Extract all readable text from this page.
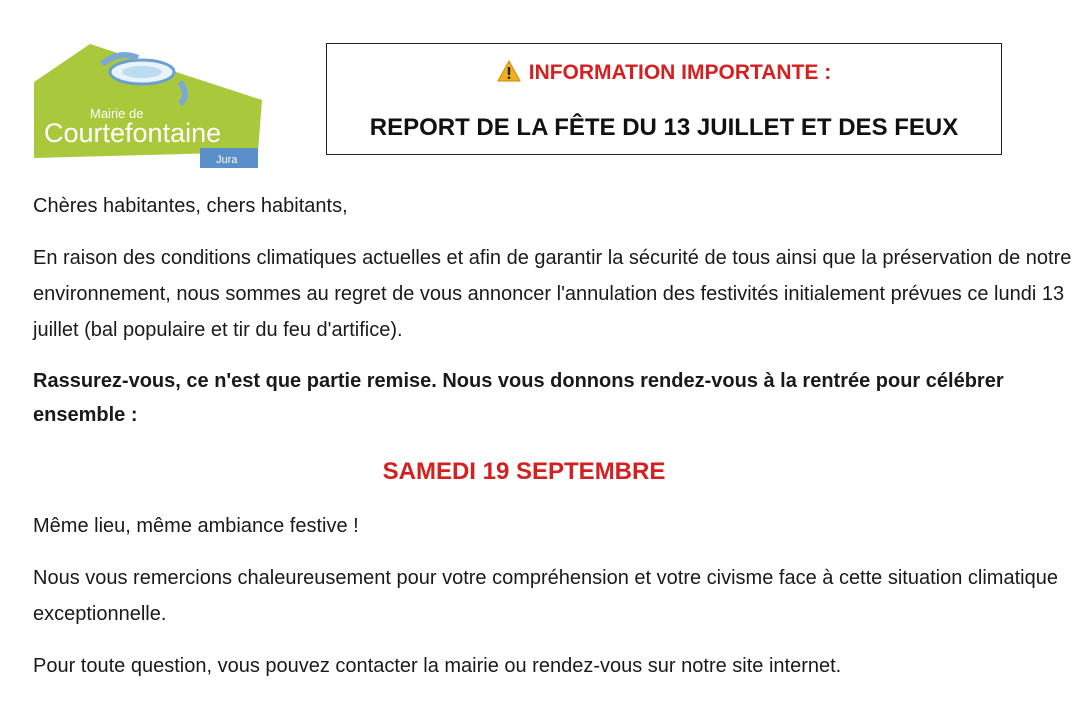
Mairie de
Courtefontaine
Jura
INFORMATION IMPORTANTE :
REPORT DE LA FÊTE DU 13 JUILLET ET DES FEUX

Chères habitantes, chers habitants,

En raison des conditions climatiques actuelles et afin de garantir la sécurité de tous ainsi que la préservation de notre environnement, nous sommes au regret de vous annoncer l'annulation des festivités initialement prévues ce lundi 13 juillet (bal populaire et tir du feu d'artifice).

Rassurez-vous, ce n'est que partie remise. Nous vous donnons rendez-vous à la rentrée pour célébrer ensemble :

SAMEDI 19 SEPTEMBRE

Même lieu, même ambiance festive !

Nous vous remercions chaleureusement pour votre compréhension et votre civisme face à cette situation climatique exceptionnelle.

Pour toute question, vous pouvez contacter la mairie ou rendez-vous sur notre site internet.
